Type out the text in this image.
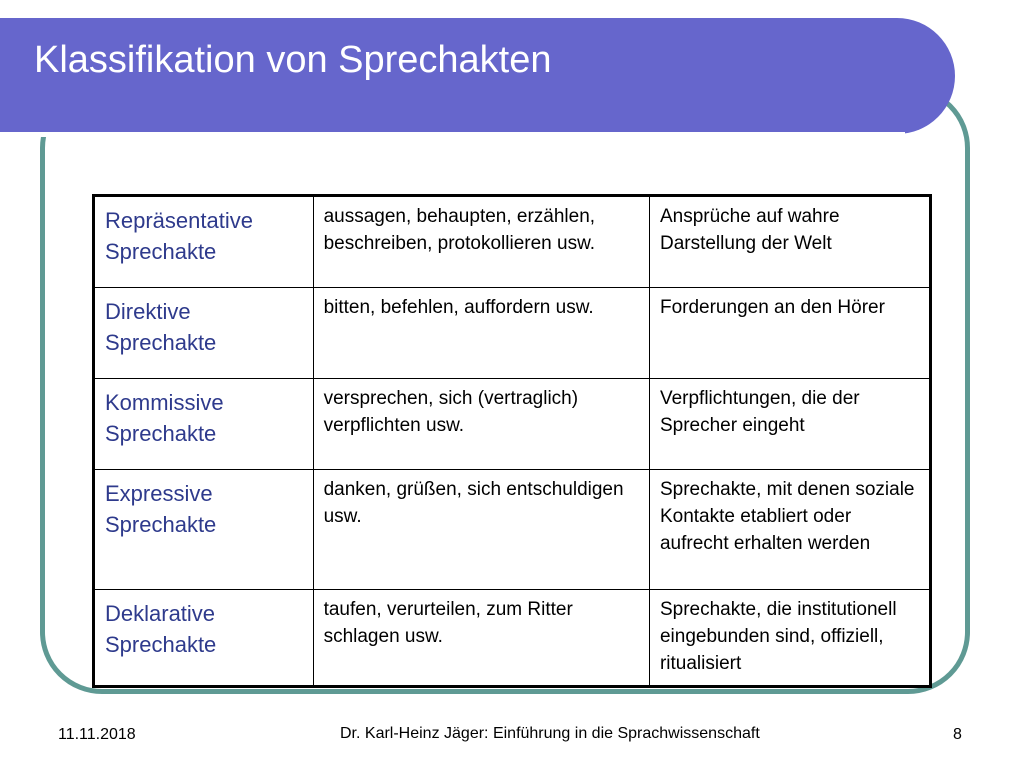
Klassifikation von Sprechakten
Repräsentative Sprechakte	aussagen, behaupten, erzählen, beschreiben, protokollieren usw.	Ansprüche auf wahre Darstellung der Welt
Direktive Sprechakte	bitten, befehlen, auffordern usw.	Forderungen an den Hörer
Kommissive Sprechakte	versprechen, sich (vertraglich) verpflichten usw.	Verpflichtungen, die der Sprecher eingeht
Expressive Sprechakte	danken, grüßen, sich entschuldigen usw.	Sprechakte, mit denen soziale Kontakte etabliert oder aufrecht erhalten werden
Deklarative Sprechakte	taufen, verurteilen, zum Ritter schlagen usw.	Sprechakte, die institutionell eingebunden sind, offiziell, ritualisiert
11.11.2018	Dr. Karl-Heinz Jäger: Einführung in die Sprachwissenschaft	8
